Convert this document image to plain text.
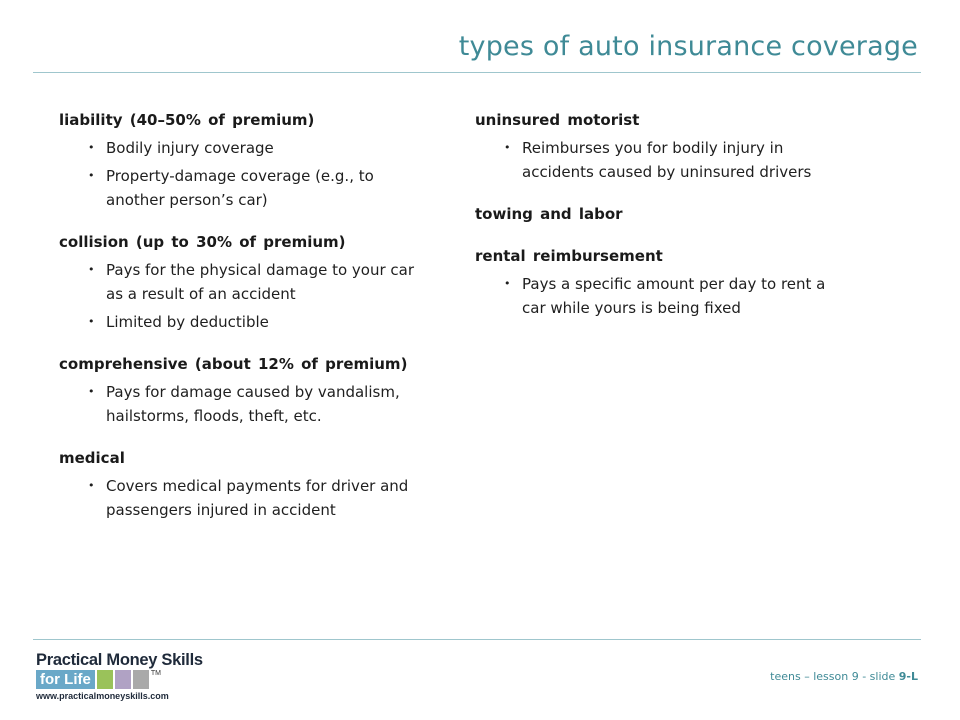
types of auto insurance coverage
liability (40–50% of premium)
• Bodily injury coverage
• Property-damage coverage (e.g., to another person’s car)
collision (up to 30% of premium)
• Pays for the physical damage to your car as a result of an accident
• Limited by deductible
comprehensive (about 12% of premium)
• Pays for damage caused by vandalism, hailstorms, floods, theft, etc.
medical
• Covers medical payments for driver and passengers injured in accident
uninsured motorist
• Reimburses you for bodily injury in accidents caused by uninsured drivers
towing and labor
rental reimbursement
• Pays a specific amount per day to rent a car while yours is being fixed
Practical Money Skills
for Life	TM
www.practicalmoneyskills.com
teens – lesson 9 - slide 9-L
